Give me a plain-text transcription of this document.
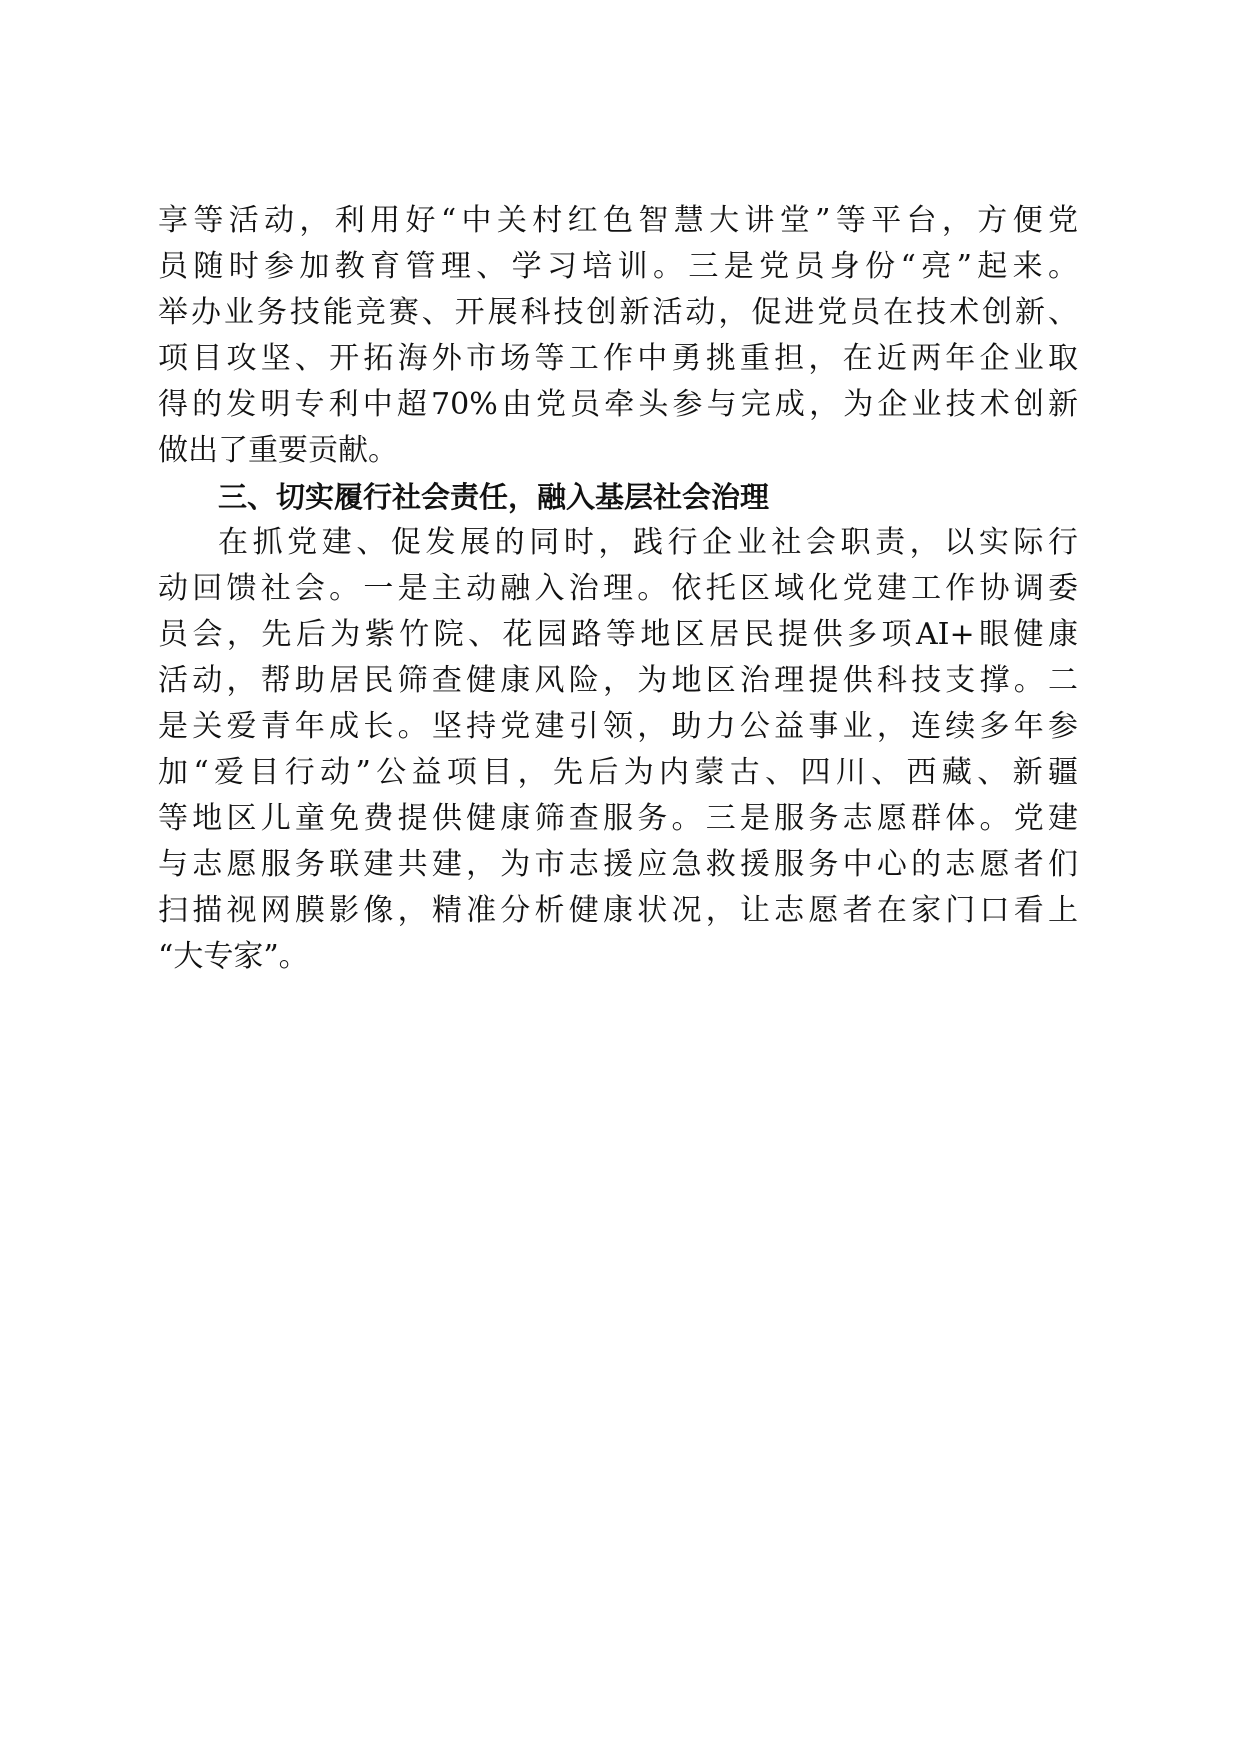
享等活动，利用好“中关村红色智慧大讲堂”等平台，方便党
员随时参加教育管理、学习培训。三是党员身份“亮”起来。
举办业务技能竞赛、开展科技创新活动，促进党员在技术创新、
项目攻坚、开拓海外市场等工作中勇挑重担，在近两年企业取
得的发明专利中超70%由党员牵头参与完成，为企业技术创新
做出了重要贡献。
三、切实履行社会责任，融入基层社会治理
在抓党建、促发展的同时，践行企业社会职责，以实际行
动回馈社会。一是主动融入治理。依托区域化党建工作协调委
员会，先后为紫竹院、花园路等地区居民提供多项AI+眼健康
活动，帮助居民筛查健康风险，为地区治理提供科技支撑。二
是关爱青年成长。坚持党建引领，助力公益事业，连续多年参
加“爱目行动”公益项目，先后为内蒙古、四川、西藏、新疆
等地区儿童免费提供健康筛查服务。三是服务志愿群体。党建
与志愿服务联建共建，为市志援应急救援服务中心的志愿者们
扫描视网膜影像，精准分析健康状况，让志愿者在家门口看上
“大专家”。
